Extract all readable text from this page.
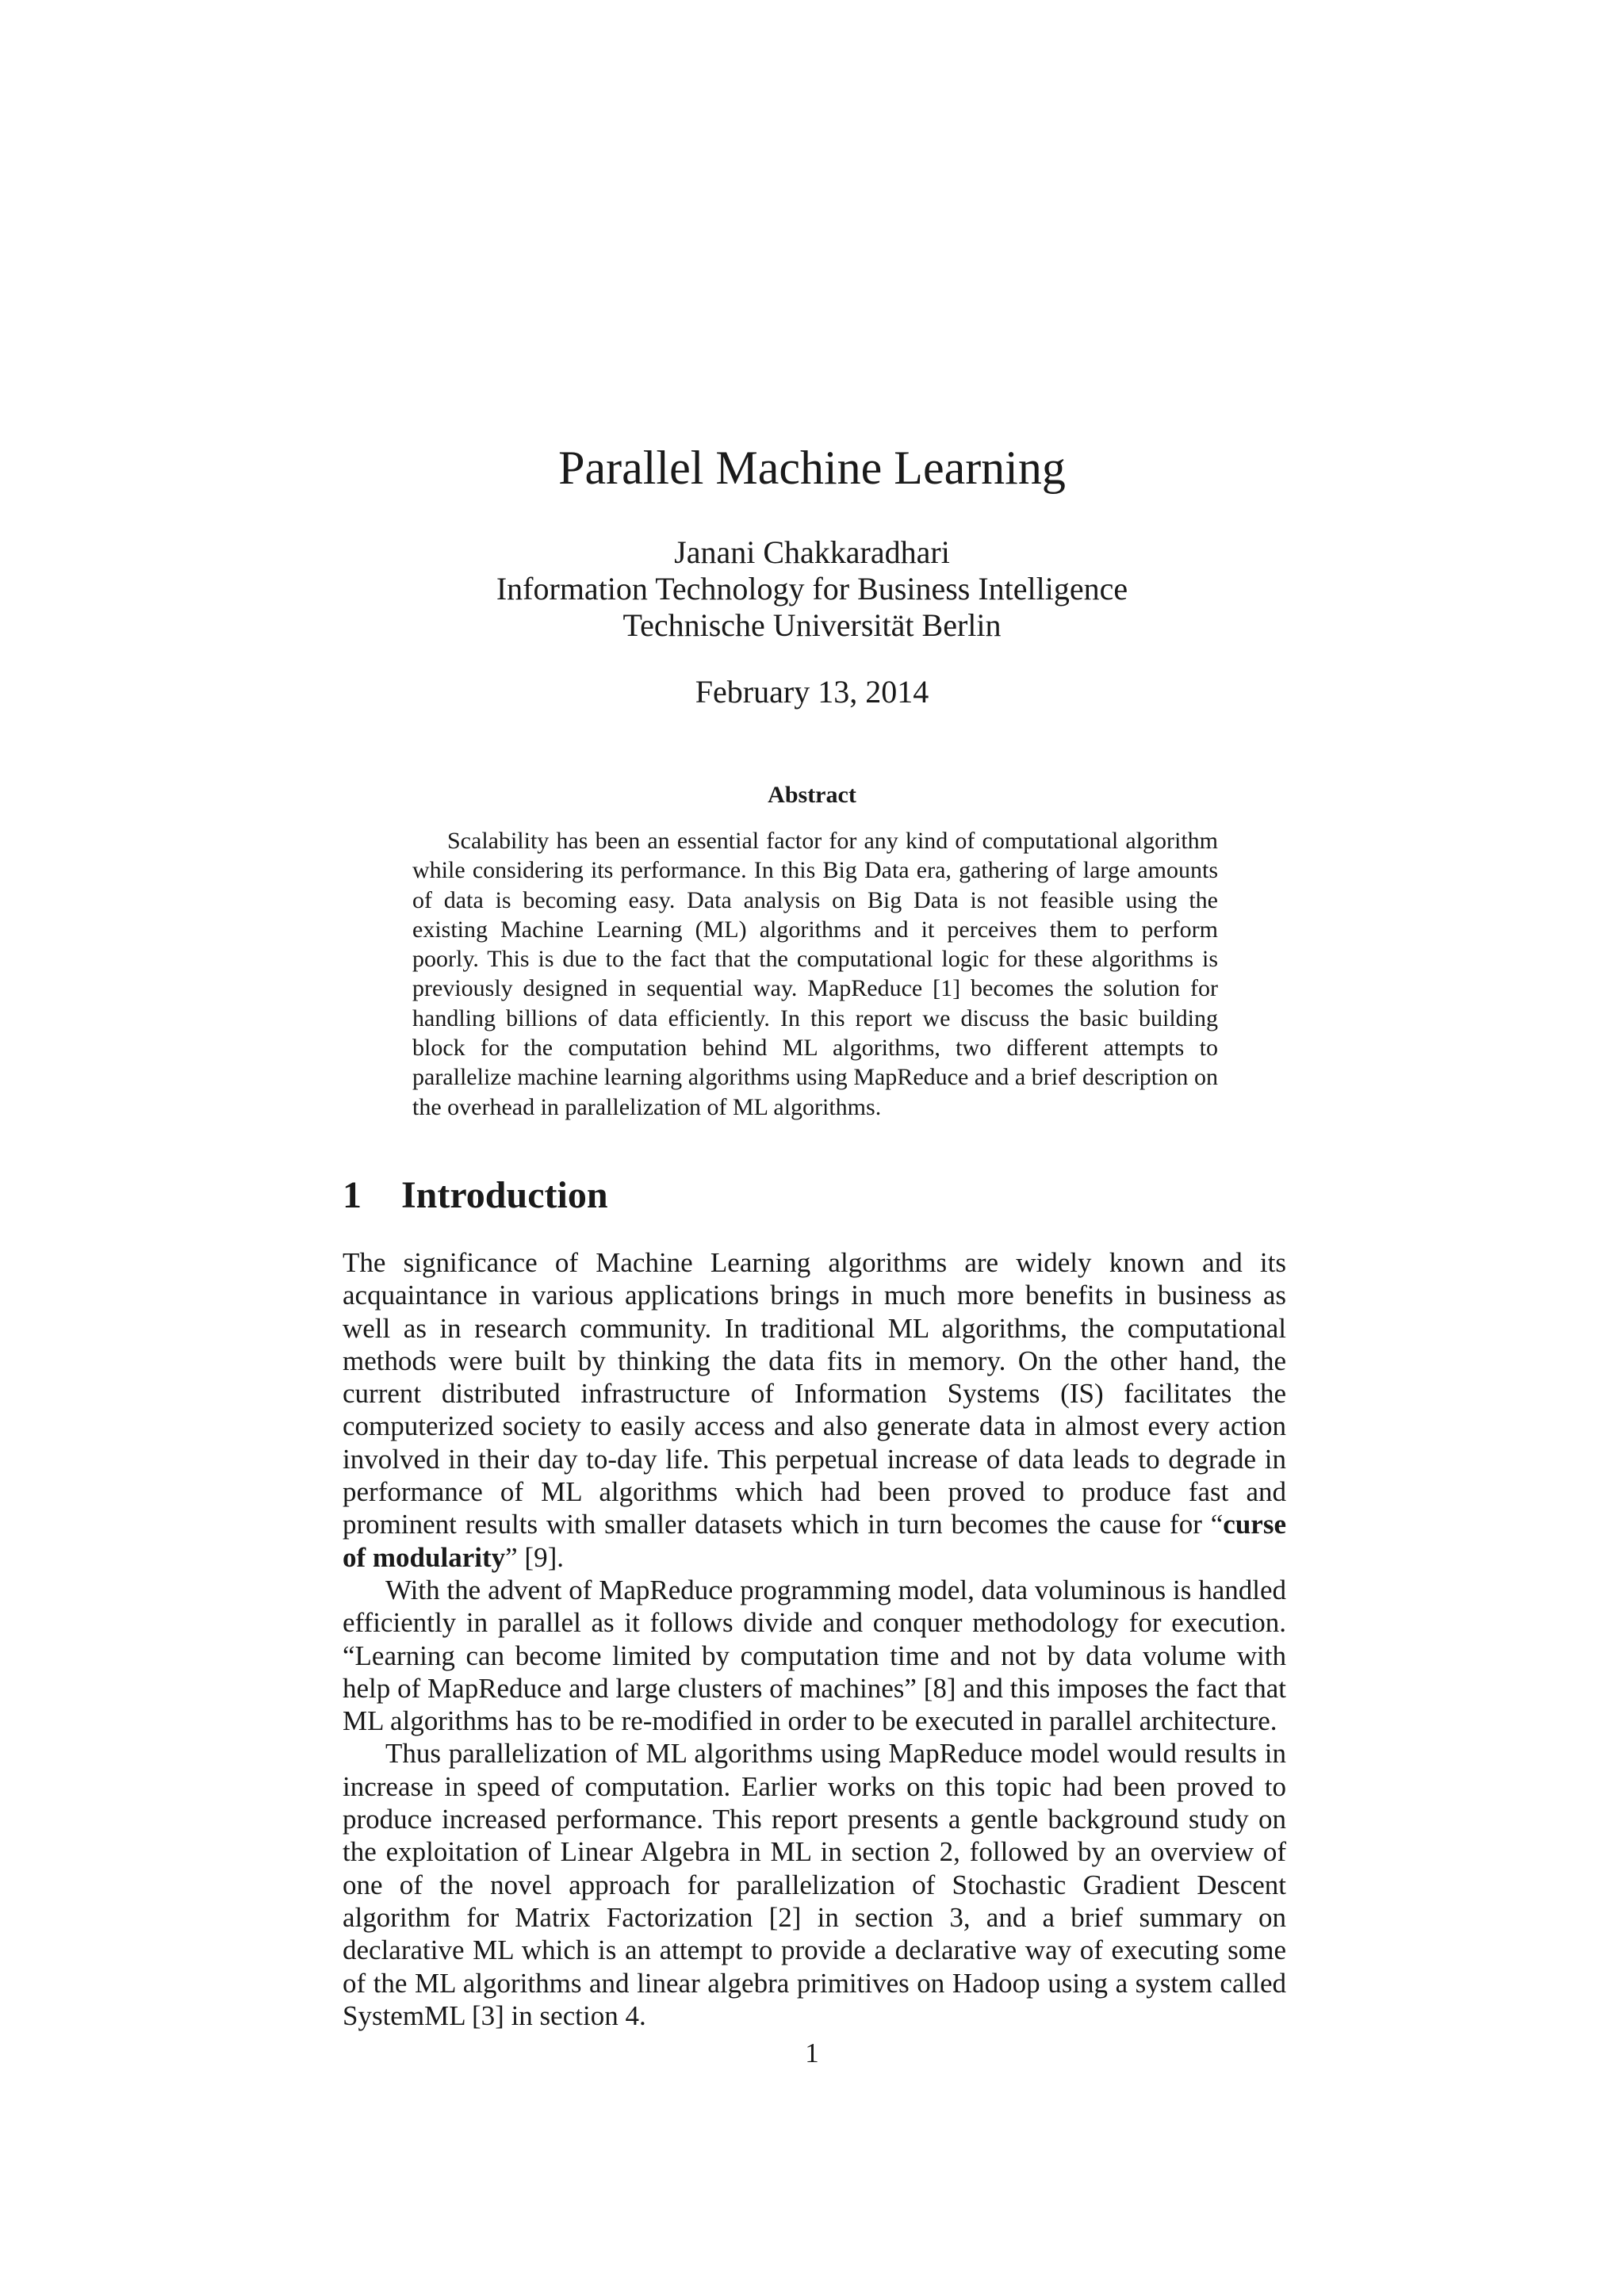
Parallel Machine Learning
Janani Chakkaradhari
Information Technology for Business Intelligence
Technische Universität Berlin
February 13, 2014
Abstract

Scalability has been an essential factor for any kind of computational algorithm while considering its performance. In this Big Data era, gathering of large amounts of data is becoming easy. Data analysis on Big Data is not feasible using the existing Machine Learning (ML) algorithms and it perceives them to perform poorly. This is due to the fact that the computational logic for these algorithms is previously designed in sequential way. MapReduce [1] becomes the solution for handling billions of data efficiently. In this report we discuss the basic building block for the computation behind ML algorithms, two different attempts to parallelize machine learning algorithms using MapReduce and a brief description on the overhead in parallelization of ML algorithms.

1 Introduction

The significance of Machine Learning algorithms are widely known and its acquaintance in various applications brings in much more benefits in business as well as in research community. In traditional ML algorithms, the computational methods were built by thinking the data fits in memory. On the other hand, the current distributed infrastructure of Information Systems (IS) facilitates the computerized society to easily access and also generate data in almost every action involved in their day to-day life. This perpetual increase of data leads to degrade in performance of ML algorithms which had been proved to produce fast and prominent results with smaller datasets which in turn becomes the cause for “curse of modularity” [9].

With the advent of MapReduce programming model, data voluminous is handled efficiently in parallel as it follows divide and conquer methodology for execution. “Learning can become limited by computation time and not by data volume with help of MapReduce and large clusters of machines” [8] and this imposes the fact that ML algorithms has to be re-modified in order to be executed in parallel architecture.

Thus parallelization of ML algorithms using MapReduce model would results in increase in speed of computation. Earlier works on this topic had been proved to produce increased performance. This report presents a gentle background study on the exploitation of Linear Algebra in ML in section 2, followed by an overview of one of the novel approach for parallelization of Stochastic Gradient Descent algorithm for Matrix Factorization [2] in section 3, and a brief summary on declarative ML which is an attempt to provide a declarative way of executing some of the ML algorithms and linear algebra primitives on Hadoop using a system called SystemML [3] in section 4.

1
